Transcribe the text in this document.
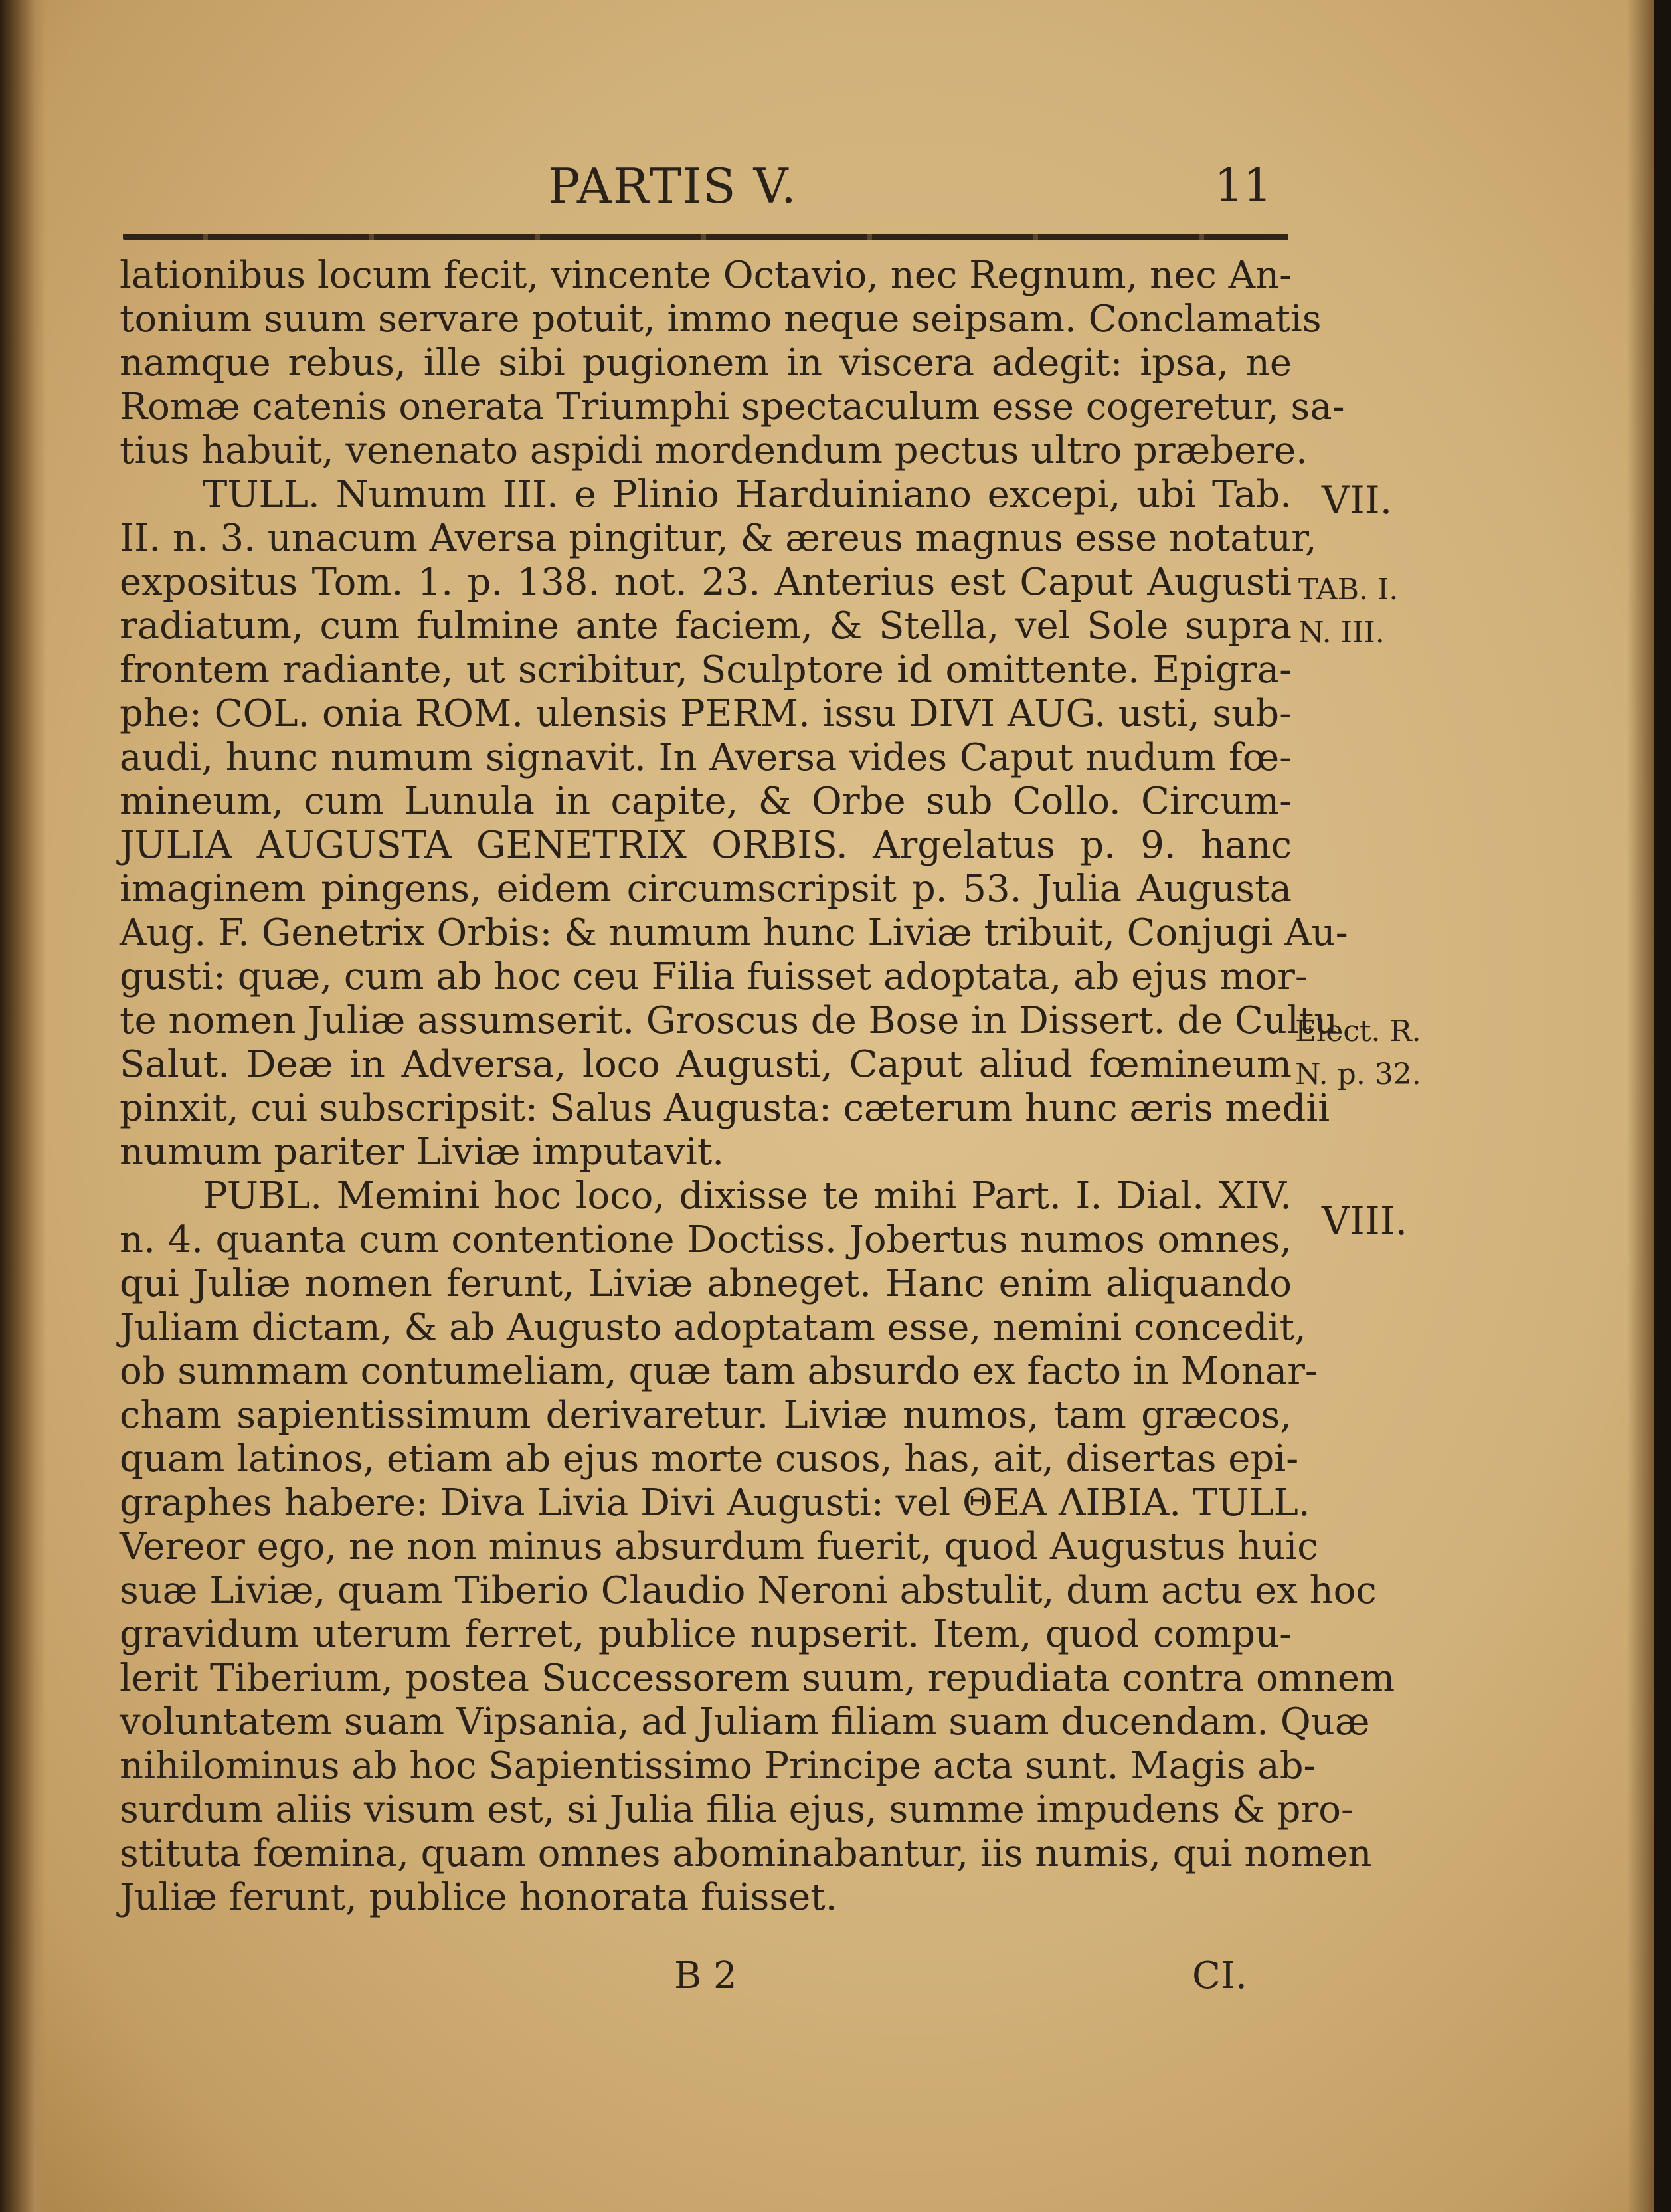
PARTIS V.	11
lationibus locum fecit, vincente Octavio, nec Regnum, nec An-
tonium suum servare potuit, immo neque seipsam. Conclamatis
namque rebus, ille sibi pugionem in viscera adegit: ipsa, ne
Romæ catenis onerata Triumphi spectaculum esse cogeretur, sa-
tius habuit, venenato aspidi mordendum pectus ultro præbere.
TULL. Numum III. e Plinio Harduiniano excepi, ubi Tab.
II. n. 3. unacum Aversa pingitur, & æreus magnus esse notatur,
expositus Tom. 1. p. 138. not. 23. Anterius est Caput Augusti
radiatum, cum fulmine ante faciem, & Stella, vel Sole supra
frontem radiante, ut scribitur, Sculptore id omittente. Epigra-
phe: COL. onia ROM. ulensis PERM. issu DIVI AUG. usti, sub-
audi, hunc numum signavit. In Aversa vides Caput nudum fœ-
mineum, cum Lunula in capite, & Orbe sub Collo. Circum-
JULIA AUGUSTA GENETRIX ORBIS. Argelatus p. 9. hanc
imaginem pingens, eidem circumscripsit p. 53. Julia Augusta
Aug. F. Genetrix Orbis: & numum hunc Liviæ tribuit, Conjugi Au-
gusti: quæ, cum ab hoc ceu Filia fuisset adoptata, ab ejus mor-
te nomen Juliæ assumserit. Groscus de Bose in Dissert. de Cultu
Salut. Deæ in Adversa, loco Augusti, Caput aliud fœmineum
pinxit, cui subscripsit: Salus Augusta: cæterum hunc æris medii
numum pariter Liviæ imputavit.
PUBL. Memini hoc loco, dixisse te mihi Part. I. Dial. XIV.
n. 4. quanta cum contentione Doctiss. Jobertus numos omnes,
qui Juliæ nomen ferunt, Liviæ abneget. Hanc enim aliquando
Juliam dictam, & ab Augusto adoptatam esse, nemini concedit,
ob summam contumeliam, quæ tam absurdo ex facto in Monar-
cham sapientissimum derivaretur. Liviæ numos, tam græcos,
quam latinos, etiam ab ejus morte cusos, has, ait, disertas epi-
graphes habere: Diva Livia Divi Augusti: vel ΘΕΑ ΛΙΒΙΑ. TULL.
Vereor ego, ne non minus absurdum fuerit, quod Augustus huic
suæ Liviæ, quam Tiberio Claudio Neroni abstulit, dum actu ex hoc
gravidum uterum ferret, publice nupserit. Item, quod compu-
lerit Tiberium, postea Successorem suum, repudiata contra omnem
voluntatem suam Vipsania, ad Juliam filiam suam ducendam. Quæ
nihilominus ab hoc Sapientissimo Principe acta sunt. Magis ab-
surdum aliis visum est, si Julia filia ejus, summe impudens & pro-
stituta fœmina, quam omnes abominabantur, iis numis, qui nomen
Juliæ ferunt, publice honorata fuisset.
VII.
TAB. I.
N. III.
Elect. R.
N. p. 32.
VIII.
B 2	CI.
